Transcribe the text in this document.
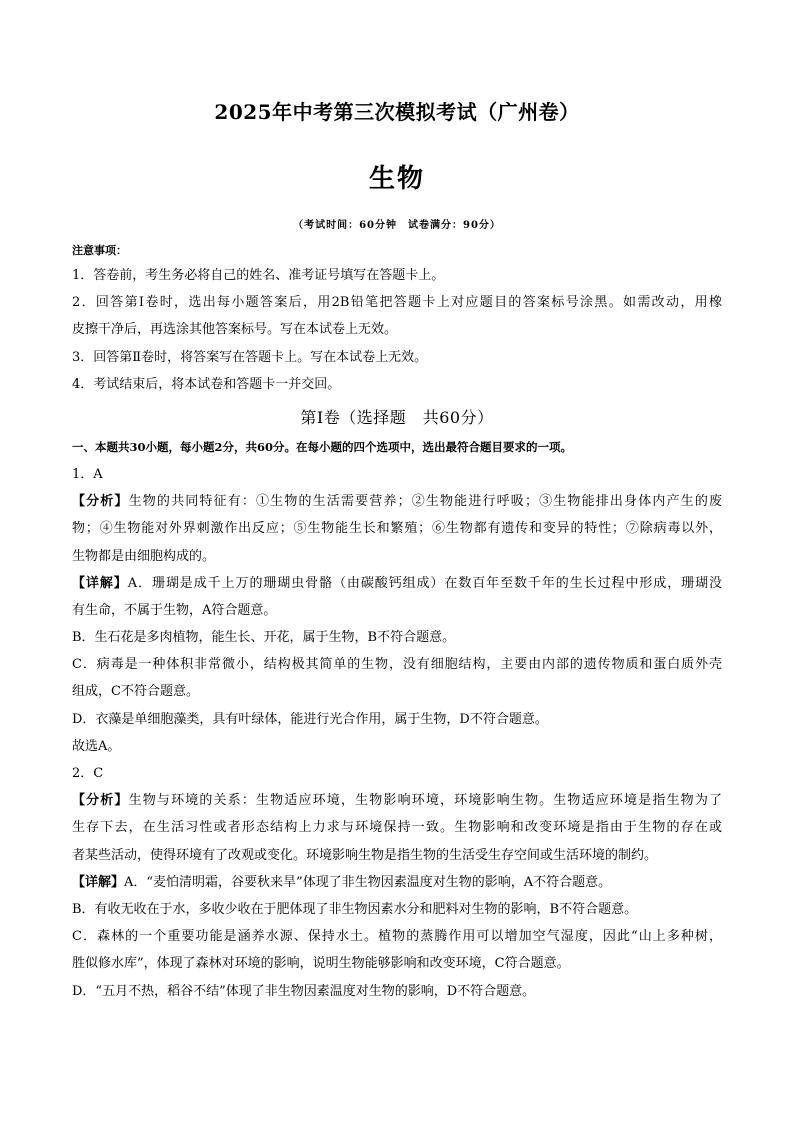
2025年中考第三次模拟考试（广州卷）
生物
（考试时间：60分钟　试卷满分：90分）
注意事项：
1．答卷前，考生务必将自己的姓名、准考证号填写在答题卡上。
2．回答第Ⅰ卷时，选出每小题答案后，用2B铅笔把答题卡上对应题目的答案标号涂黑。如需改动，用橡
皮擦干净后，再选涂其他答案标号。写在本试卷上无效。
3．回答第Ⅱ卷时，将答案写在答题卡上。写在本试卷上无效。
4．考试结束后，将本试卷和答题卡一并交回。
第Ⅰ卷（选择题　共60分）
一、本题共30小题，每小题2分，共60分。在每小题的四个选项中，选出最符合题目要求的一项。
1．A
【分析】生物的共同特征有：①生物的生活需要营养；②生物能进行呼吸；③生物能排出身体内产生的废
物；④生物能对外界刺激作出反应；⑤生物能生长和繁殖；⑥生物都有遗传和变异的特性；⑦除病毒以外，
生物都是由细胞构成的。
【详解】A．珊瑚是成千上万的珊瑚虫骨骼（由碳酸钙组成）在数百年至数千年的生长过程中形成，珊瑚没
有生命，不属于生物，A符合题意。
B．生石花是多肉植物，能生长、开花，属于生物，B不符合题意。
C．病毒是一种体积非常微小，结构极其简单的生物，没有细胞结构，主要由内部的遗传物质和蛋白质外壳
组成，C不符合题意。
D．衣藻是单细胞藻类，具有叶绿体，能进行光合作用，属于生物，D不符合题意。
故选A。
2．C
【分析】生物与环境的关系：生物适应环境，生物影响环境，环境影响生物。生物适应环境是指生物为了
生存下去，在生活习性或者形态结构上力求与环境保持一致。生物影响和改变环境是指由于生物的存在或
者某些活动，使得环境有了改观或变化。环境影响生物是指生物的生活受生存空间或生活环境的制约。
【详解】A．“麦怕清明霜，谷要秋来旱”体现了非生物因素温度对生物的影响，A不符合题意。
B．有收无收在于水，多收少收在于肥体现了非生物因素水分和肥料对生物的影响，B不符合题意。
C．森林的一个重要功能是涵养水源、保持水土。植物的蒸腾作用可以增加空气湿度，因此“山上多种树，
胜似修水库”，体现了森林对环境的影响，说明生物能够影响和改变环境，C符合题意。
D．“五月不热，稻谷不结”体现了非生物因素温度对生物的影响，D不符合题意。
